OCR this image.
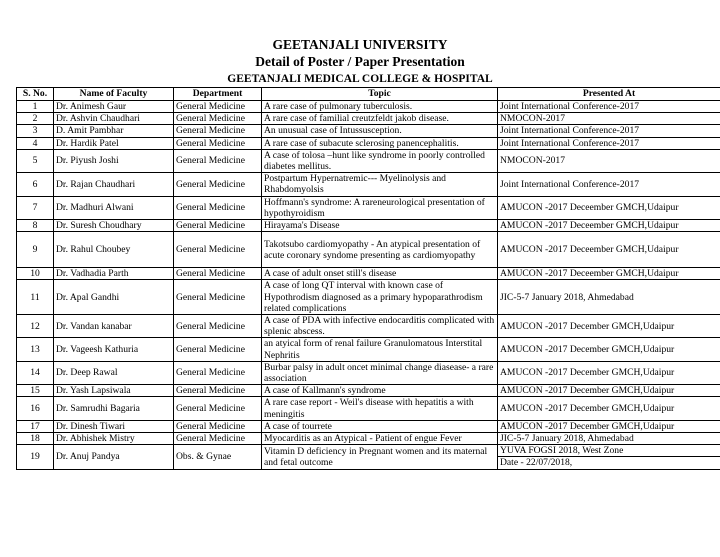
GEETANJALI UNIVERSITY
Detail of Poster / Paper Presentation
GEETANJALI MEDICAL COLLEGE & HOSPITAL
S. No.	Name of Faculty	Department	Topic	Presented At
1	Dr. Animesh Gaur	General Medicine	A rare case of pulmonary tuberculosis.	Joint International Conference-2017
2	Dr. Ashvin Chaudhari	General Medicine	A rare case of familial creutzfeldt jakob disease.	NMOCON-2017
3	D. Amit Pambhar	General Medicine	An unusual case of Intussusception.	Joint International Conference-2017
4	Dr. Hardik Patel	General Medicine	A rare case of subacute sclerosing panencephalitis.	Joint International Conference-2017
5	Dr. Piyush Joshi	General Medicine	A case of tolosa –hunt like syndrome in poorly controlled diabetes mellitus.	NMOCON-2017
6	Dr. Rajan Chaudhari	General Medicine	Postpartum Hypernatremic--- Myelinolysis and Rhabdomyolsis	Joint International Conference-2017
7	Dr. Madhuri Alwani	General Medicine	Hoffmann's syndrome: A rareneurological presentation of hypothyroidism	AMUCON -2017 Deceember GMCH,Udaipur
8	Dr. Suresh Choudhary	General Medicine	Hirayama's Disease	AMUCON -2017 Deceember GMCH,Udaipur
9	Dr. Rahul Choubey	General Medicine	Takotsubo cardiomyopathy - An atypical presentation of acute coronary syndome presenting as cardiomyopathy	AMUCON -2017 Deceember GMCH,Udaipur
10	Dr. Vadhadia Parth	General Medicine	A case of adult onset still's disease	AMUCON -2017 Deceember GMCH,Udaipur
11	Dr. Apal Gandhi	General Medicine	A case of long QT interval with known case of Hypothrodism diagnosed as a primary hypoparathrodism related complications	JIC-5-7 January 2018, Ahmedabad
12	Dr. Vandan kanabar	General Medicine	A case of PDA with infective endocarditis complicated with splenic abscess.	AMUCON -2017 December GMCH,Udaipur
13	Dr. Vageesh Kathuria	General Medicine	an atyical form of renal failure Granulomatous Interstital Nephritis	AMUCON -2017 December GMCH,Udaipur
14	Dr. Deep Rawal	General Medicine	Burbar palsy in adult oncet minimal change diasease- a rare association	AMUCON -2017 December GMCH,Udaipur
15	Dr. Yash Lapsiwala	General Medicine	A case of Kallmann's syndrome	AMUCON -2017 December GMCH,Udaipur
16	Dr. Samrudhi Bagaria	General Medicine	A rare case report - Weil's disease with hepatitis a with meningitis	AMUCON -2017 December GMCH,Udaipur
17	Dr. Dinesh Tiwari	General Medicine	A case of tourrete	AMUCON -2017 December GMCH,Udaipur
18	Dr. Abhishek Mistry	General Medicine	Myocarditis as an Atypical - Patient of engue Fever	JIC-5-7 January 2018, Ahmedabad
19	Dr. Anuj Pandya	Obs. & Gynae	Vitamin D deficiency in Pregnant women and its maternal and fetal outcome	YUVA FOGSI 2018, West Zone
				Date - 22/07/2018,
